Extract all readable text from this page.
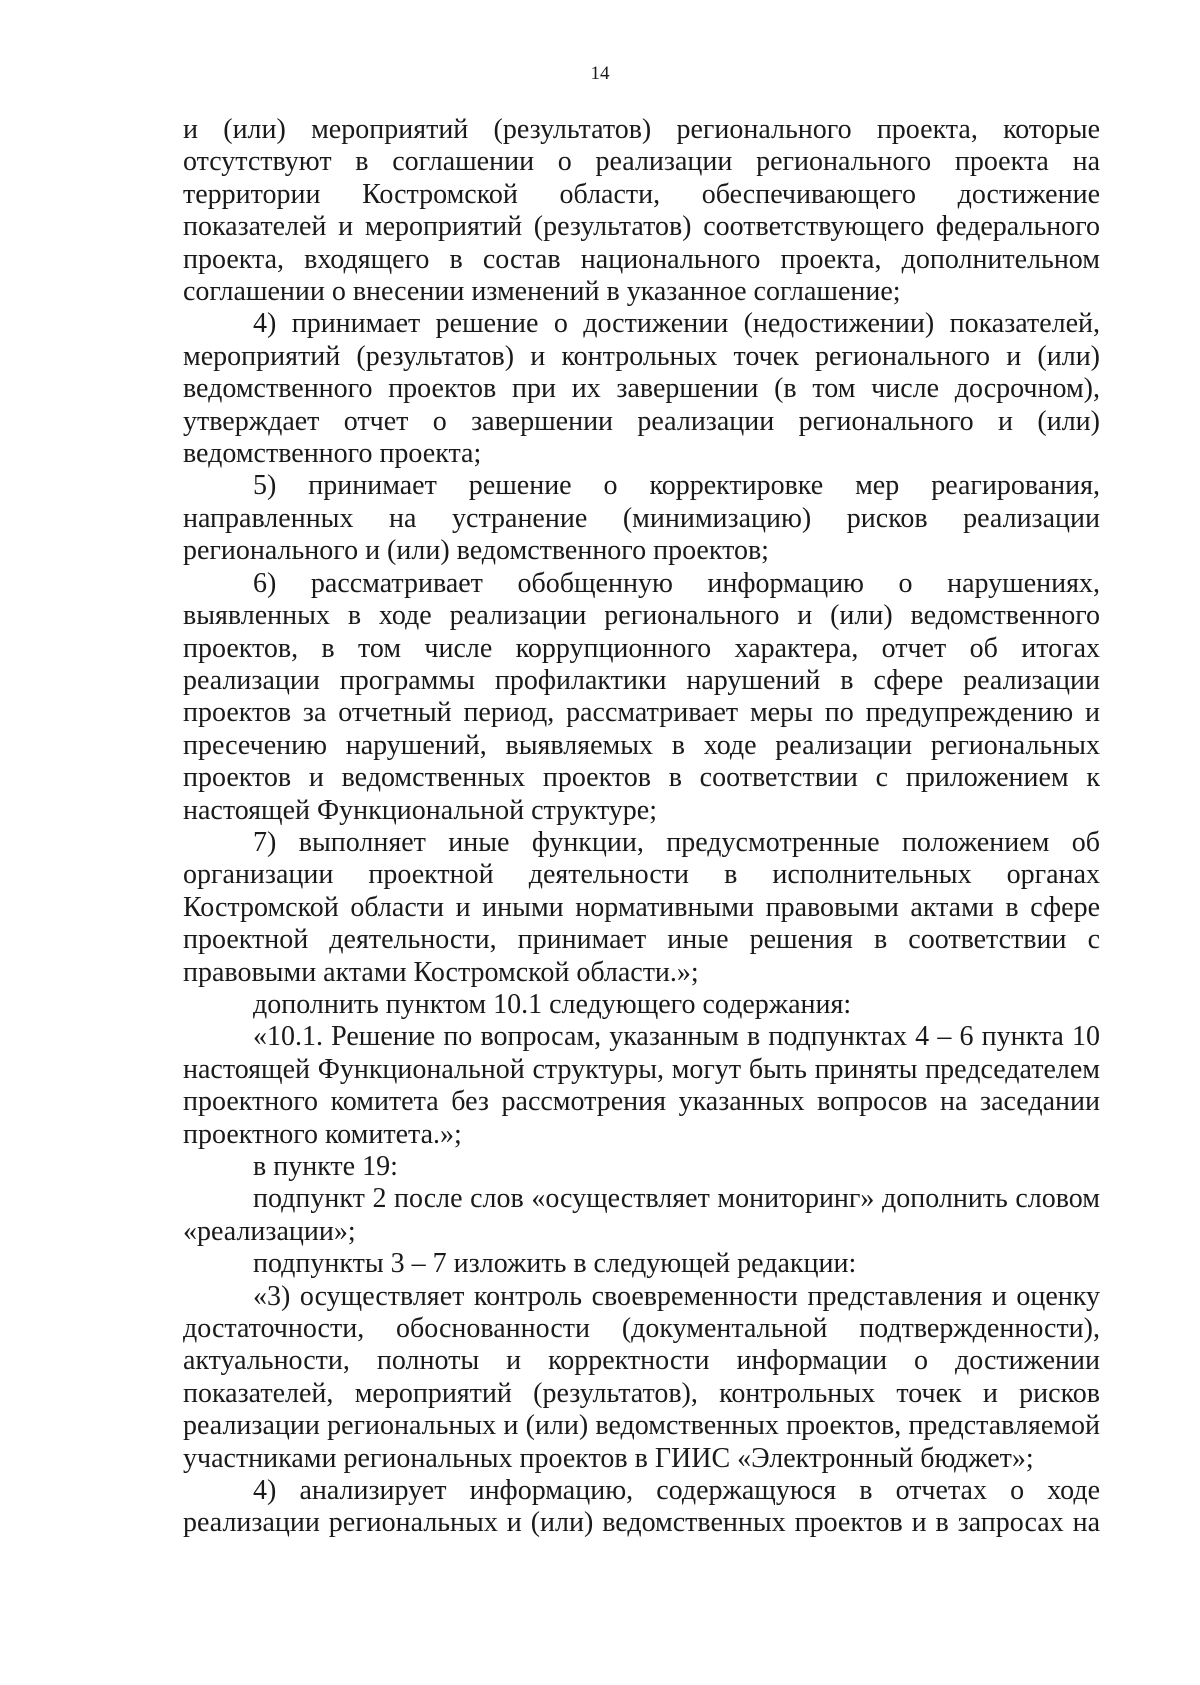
14

и (или) мероприятий (результатов) регионального проекта, которые отсутствуют в соглашении о реализации регионального проекта на территории Костромской области, обеспечивающего достижение показателей и мероприятий (результатов) соответствующего федерального проекта, входящего в состав национального проекта, дополнительном соглашении о внесении изменений в указанное соглашение;

4) принимает решение о достижении (недостижении) показателей, мероприятий (результатов) и контрольных точек регионального и (или) ведомственного проектов при их завершении (в том числе досрочном), утверждает отчет о завершении реализации регионального и (или) ведомственного проекта;

5) принимает решение о корректировке мер реагирования, направленных на устранение (минимизацию) рисков реализации регионального и (или) ведомственного проектов;

6) рассматривает обобщенную информацию о нарушениях, выявленных в ходе реализации регионального и (или) ведомственного проектов, в том числе коррупционного характера, отчет об итогах реализации программы профилактики нарушений в сфере реализации проектов за отчетный период, рассматривает меры по предупреждению и пресечению нарушений, выявляемых в ходе реализации региональных проектов и ведомственных проектов в соответствии с приложением к настоящей Функциональной структуре;

7) выполняет иные функции, предусмотренные положением об организации проектной деятельности в исполнительных органах Костромской области и иными нормативными правовыми актами в сфере проектной деятельности, принимает иные решения в соответствии с правовыми актами Костромской области.»;

дополнить пунктом 10.1 следующего содержания:

«10.1. Решение по вопросам, указанным в подпунктах 4 – 6 пункта 10 настоящей Функциональной структуры, могут быть приняты председателем проектного комитета без рассмотрения указанных вопросов на заседании проектного комитета.»;

в пункте 19:

подпункт 2 после слов «осуществляет мониторинг» дополнить словом «реализации»;

подпункты 3 – 7 изложить в следующей редакции:

«3) осуществляет контроль своевременности представления и оценку достаточности, обоснованности (документальной подтвержденности), актуальности, полноты и корректности информации о достижении показателей, мероприятий (результатов), контрольных точек и рисков реализации региональных и (или) ведомственных проектов, представляемой участниками региональных проектов в ГИИС «Электронный бюджет»;

4) анализирует информацию, содержащуюся в отчетах о ходе реализации региональных и (или) ведомственных проектов и в запросах на
